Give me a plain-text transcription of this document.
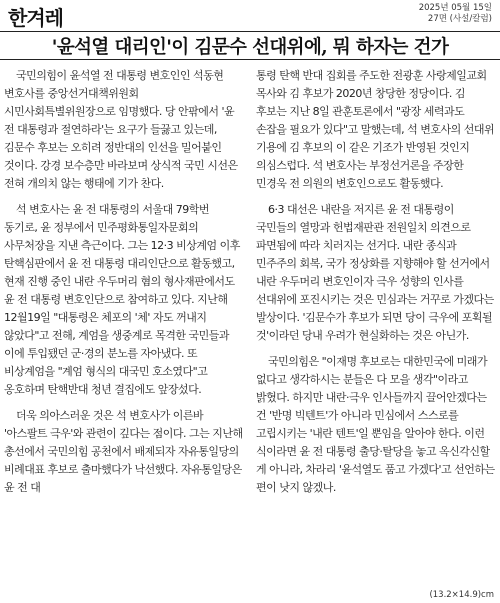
한겨레	2025년 05월 15일
27면 (사설/칼럼)
'윤석열 대리인'이 김문수 선대위에, 뭐 하자는 건가

국민의힘이 윤석열 전 대통령 변호인인 석동현 변호사를 중앙선거대책위원회 시민사회특별위원장으로 임명했다. 당 안팎에서 '윤 전 대통령과 절연하라'는 요구가 들끓고 있는데, 김문수 후보는 오히려 정반대의 인선을 밀어붙인 것이다. 강경 보수층만 바라보며 상식적 국민 시선은 전혀 개의치 않는 행태에 기가 찬다.

석 변호사는 윤 전 대통령의 서울대 79학번 동기로, 윤 정부에서 민주평화통일자문회의 사무처장을 지낸 측근이다. 그는 12·3 비상계엄 이후 탄핵심판에서 윤 전 대통령 대리인단으로 활동했고, 현재 진행 중인 내란 우두머리 혐의 형사재판에서도 윤 전 대통령 변호인단으로 참여하고 있다. 지난해 12월19일 "대통령은 체포의 '체' 자도 꺼내지 않았다"고 전해, 계엄을 생중계로 목격한 국민들과 이에 투입됐던 군·경의 분노를 자아냈다. 또 비상계엄을 "계엄 형식의 대국민 호소였다"고 옹호하며 탄핵반대 청년 결집에도 앞장섰다.

더욱 의아스러운 것은 석 변호사가 이른바 '아스팔트 극우'와 관련이 깊다는 점이다. 그는 지난해 총선에서 국민의힘 공천에서 배제되자 자유통일당의 비례대표 후보로 출마했다가 낙선했다. 자유통일당은 윤 전 대

통령 탄핵 반대 집회를 주도한 전광훈 사랑제일교회 목사와 김 후보가 2020년 창당한 정당이다. 김 후보는 지난 8일 관훈토론에서 "광장 세력과도 손잡을 필요가 있다"고 말했는데, 석 변호사의 선대위 기용에 김 후보의 이 같은 기조가 반영된 것인지 의심스럽다. 석 변호사는 부정선거론을 주장한 민경욱 전 의원의 변호인으로도 활동했다.

6·3 대선은 내란을 저지른 윤 전 대통령이 국민들의 열망과 헌법재판관 전원일치 의견으로 파면됨에 따라 치러지는 선거다. 내란 종식과 민주주의 회복, 국가 정상화를 지향해야 할 선거에서 내란 우두머리 변호인이자 극우 성향의 인사를 선대위에 포진시키는 것은 민심과는 거꾸로 가겠다는 발상이다. '김문수가 후보가 되면 당이 극우에 포획될 것'이라던 당내 우려가 현실화하는 것은 아닌가.

국민의힘은 "이재명 후보로는 대한민국에 미래가 없다고 생각하시는 분들은 다 모을 생각"이라고 밝혔다. 하지만 내란·극우 인사들까지 끌어안겠다는 건 '반명 빅텐트'가 아니라 민심에서 스스로를 고립시키는 '내란 텐트'일 뿐임을 알아야 한다. 이런 식이라면 윤 전 대통령 출당·탈당을 놓고 옥신각신할 게 아니라, 차라리 '윤석열도 품고 가겠다'고 선언하는 편이 낫지 않겠나.

(13.2×14.9)cm
